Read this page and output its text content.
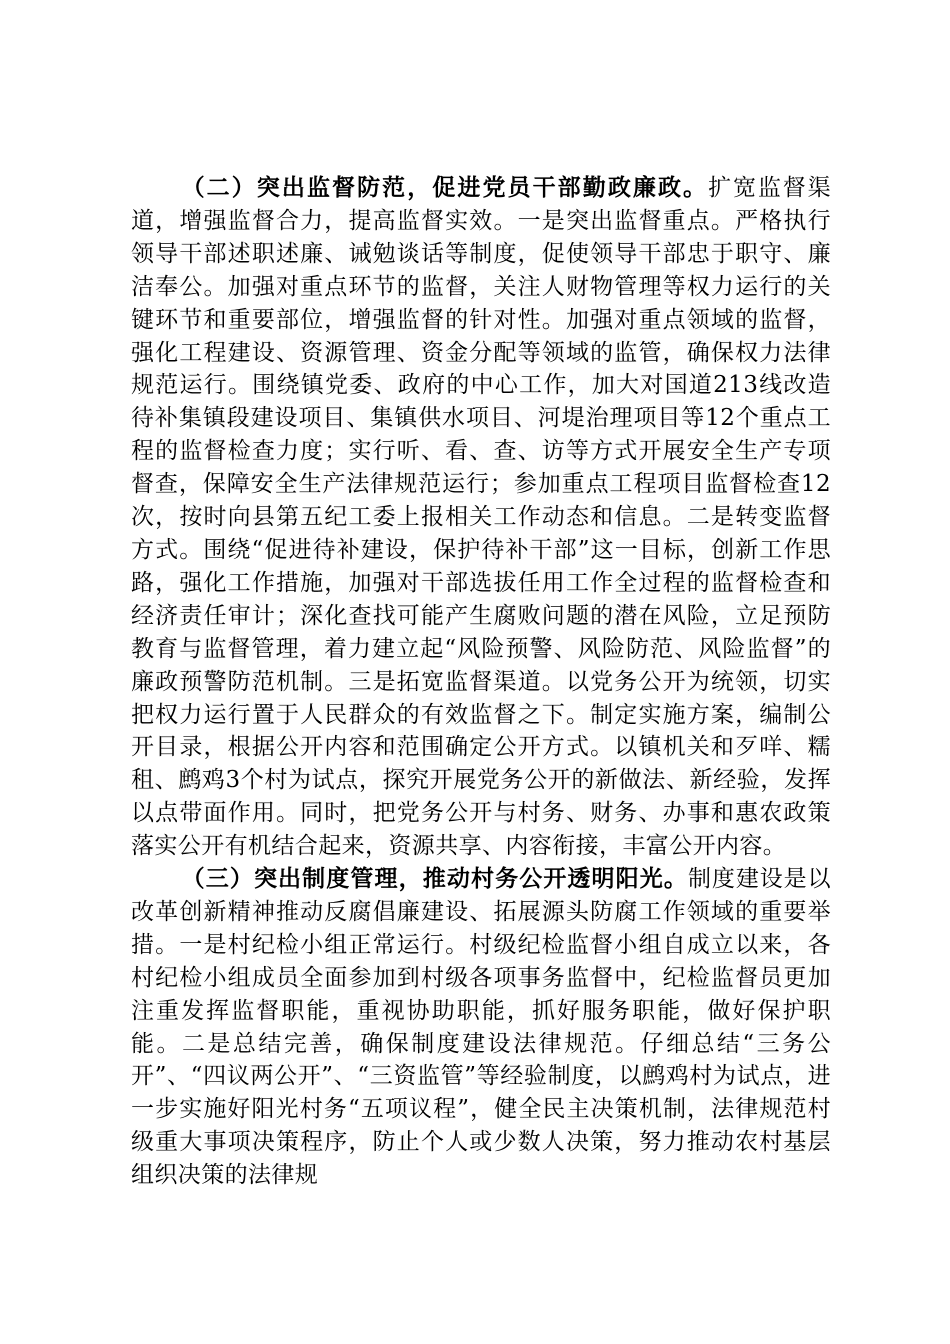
（二）突出监督防范，促进党员干部勤政廉政。扩宽监督渠道，增强监督合力，提高监督实效。一是突出监督重点。严格执行领导干部述职述廉、诫勉谈话等制度，促使领导干部忠于职守、廉洁奉公。加强对重点环节的监督，关注人财物管理等权力运行的关键环节和重要部位，增强监督的针对性。加强对重点领域的监督，强化工程建设、资源管理、资金分配等领域的监管，确保权力法律规范运行。围绕镇党委、政府的中心工作，加大对国道213线改造待补集镇段建设项目、集镇供水项目、河堤治理项目等12个重点工程的监督检查力度；实行听、看、查、访等方式开展安全生产专项督查，保障安全生产法律规范运行；参加重点工程项目监督检查12次，按时向县第五纪工委上报相关工作动态和信息。二是转变监督方式。围绕“促进待补建设，保护待补干部”这一目标，创新工作思路，强化工作措施，加强对干部选拔任用工作全过程的监督检查和经济责任审计；深化查找可能产生腐败问题的潜在风险，立足预防教育与监督管理，着力建立起“风险预警、风险防范、风险监督”的廉政预警防范机制。三是拓宽监督渠道。以党务公开为统领，切实把权力运行置于人民群众的有效监督之下。制定实施方案，编制公开目录，根据公开内容和范围确定公开方式。以镇机关和歹咩、糯租、鹧鸡3个村为试点，探究开展党务公开的新做法、新经验，发挥以点带面作用。同时，把党务公开与村务、财务、办事和惠农政策落实公开有机结合起来，资源共享、内容衔接，丰富公开内容。

（三）突出制度管理，推动村务公开透明阳光。制度建设是以改革创新精神推动反腐倡廉建设、拓展源头防腐工作领域的重要举措。一是村纪检小组正常运行。村级纪检监督小组自成立以来，各村纪检小组成员全面参加到村级各项事务监督中，纪检监督员更加注重发挥监督职能，重视协助职能，抓好服务职能，做好保护职能。二是总结完善，确保制度建设法律规范。仔细总结“三务公开”、“四议两公开”、“三资监管”等经验制度，以鹧鸡村为试点，进一步实施好阳光村务“五项议程”，健全民主决策机制，法律规范村级重大事项决策程序，防止个人或少数人决策，努力推动农村基层组织决策的法律规
